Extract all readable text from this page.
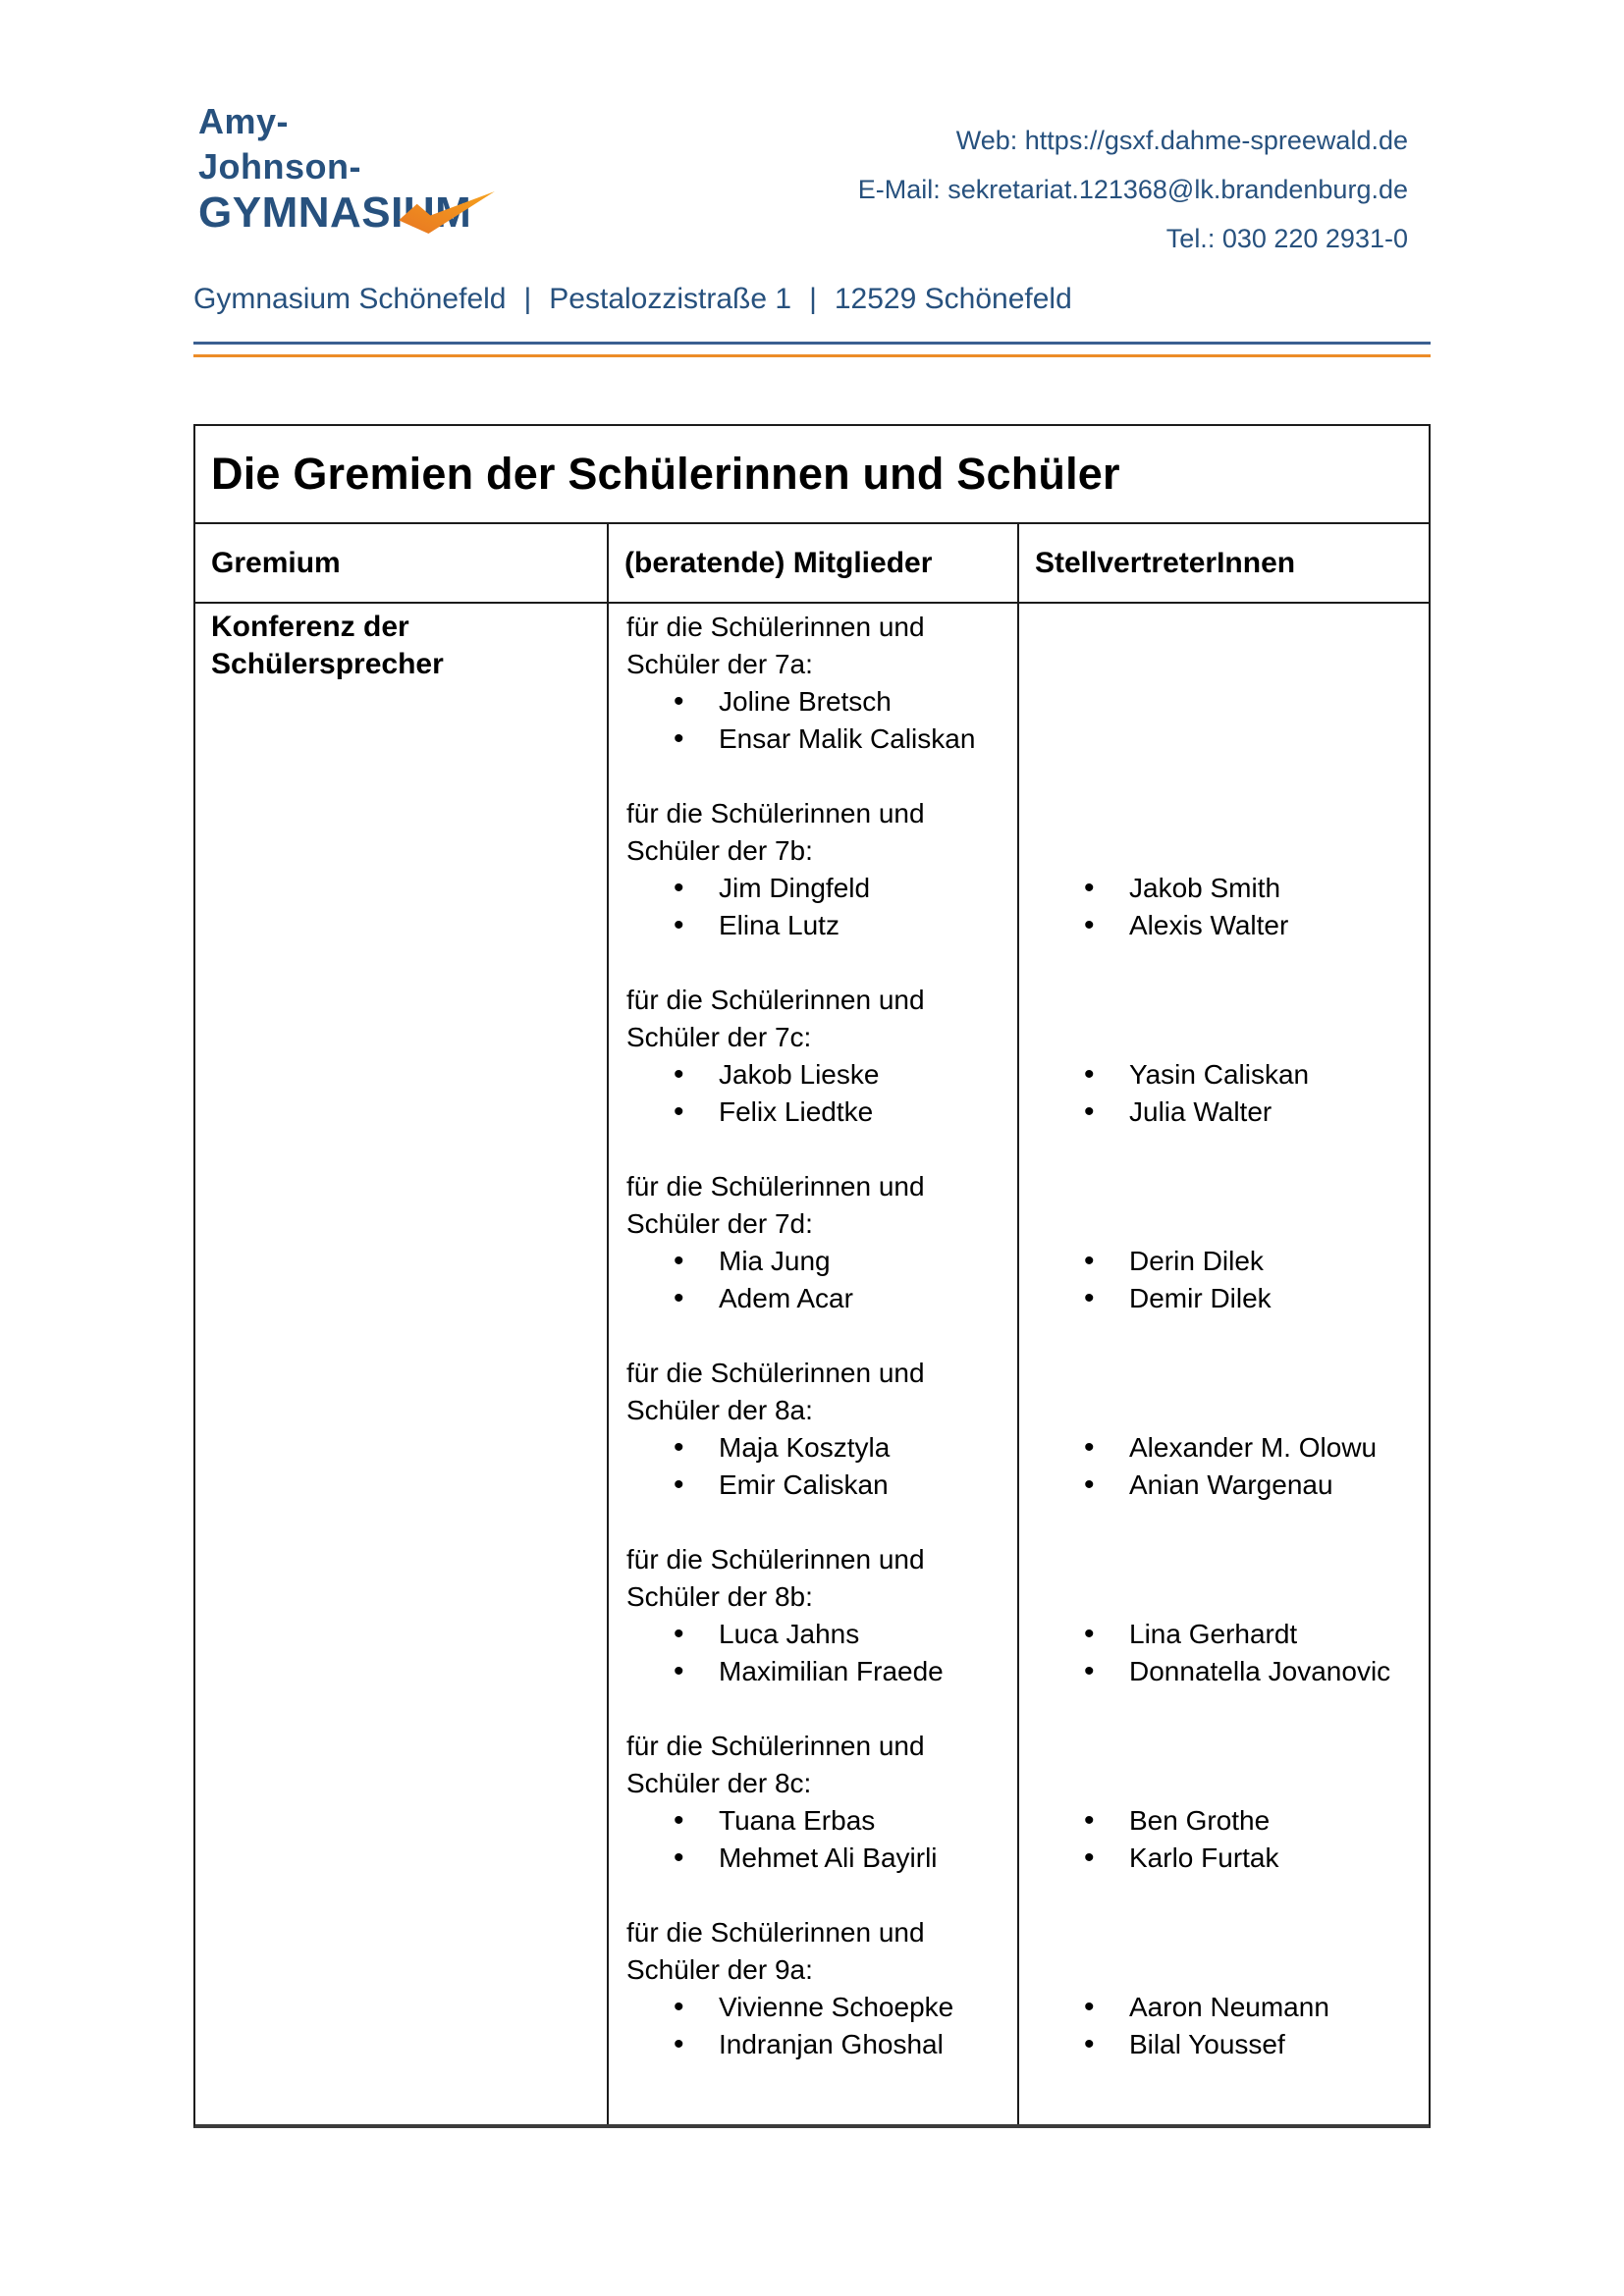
Amy-
Johnson-
GYMNASIUM
Web: https://gsxf.dahme-spreewald.de
E-Mail: sekretariat.121368@lk.brandenburg.de
Tel.: 030 220 2931-0
Gymnasium Schönefeld | Pestalozzistraße 1 | 12529 Schönefeld
Die Gremien der Schülerinnen und Schüler
Gremium	(beratende) Mitglieder	StellvertreterInnen
Konferenz der Schülersprecher
für die Schülerinnen und
Schüler der 7a:
• Joline Bretsch
• Ensar Malik Caliskan
für die Schülerinnen und
Schüler der 7b:
• Jim Dingfeld
• Elina Lutz
für die Schülerinnen und
Schüler der 7c:
• Jakob Lieske
• Felix Liedtke
für die Schülerinnen und
Schüler der 7d:
• Mia Jung
• Adem Acar
für die Schülerinnen und
Schüler der 8a:
• Maja Kosztyla
• Emir Caliskan
für die Schülerinnen und
Schüler der 8b:
• Luca Jahns
• Maximilian Fraede
für die Schülerinnen und
Schüler der 8c:
• Tuana Erbas
• Mehmet Ali Bayirli
für die Schülerinnen und
Schüler der 9a:
• Vivienne Schoepke
• Indranjan Ghoshal
• Jakob Smith
• Alexis Walter
• Yasin Caliskan
• Julia Walter
• Derin Dilek
• Demir Dilek
• Alexander M. Olowu
• Anian Wargenau
• Lina Gerhardt
• Donnatella Jovanovic
• Ben Grothe
• Karlo Furtak
• Aaron Neumann
• Bilal Youssef
